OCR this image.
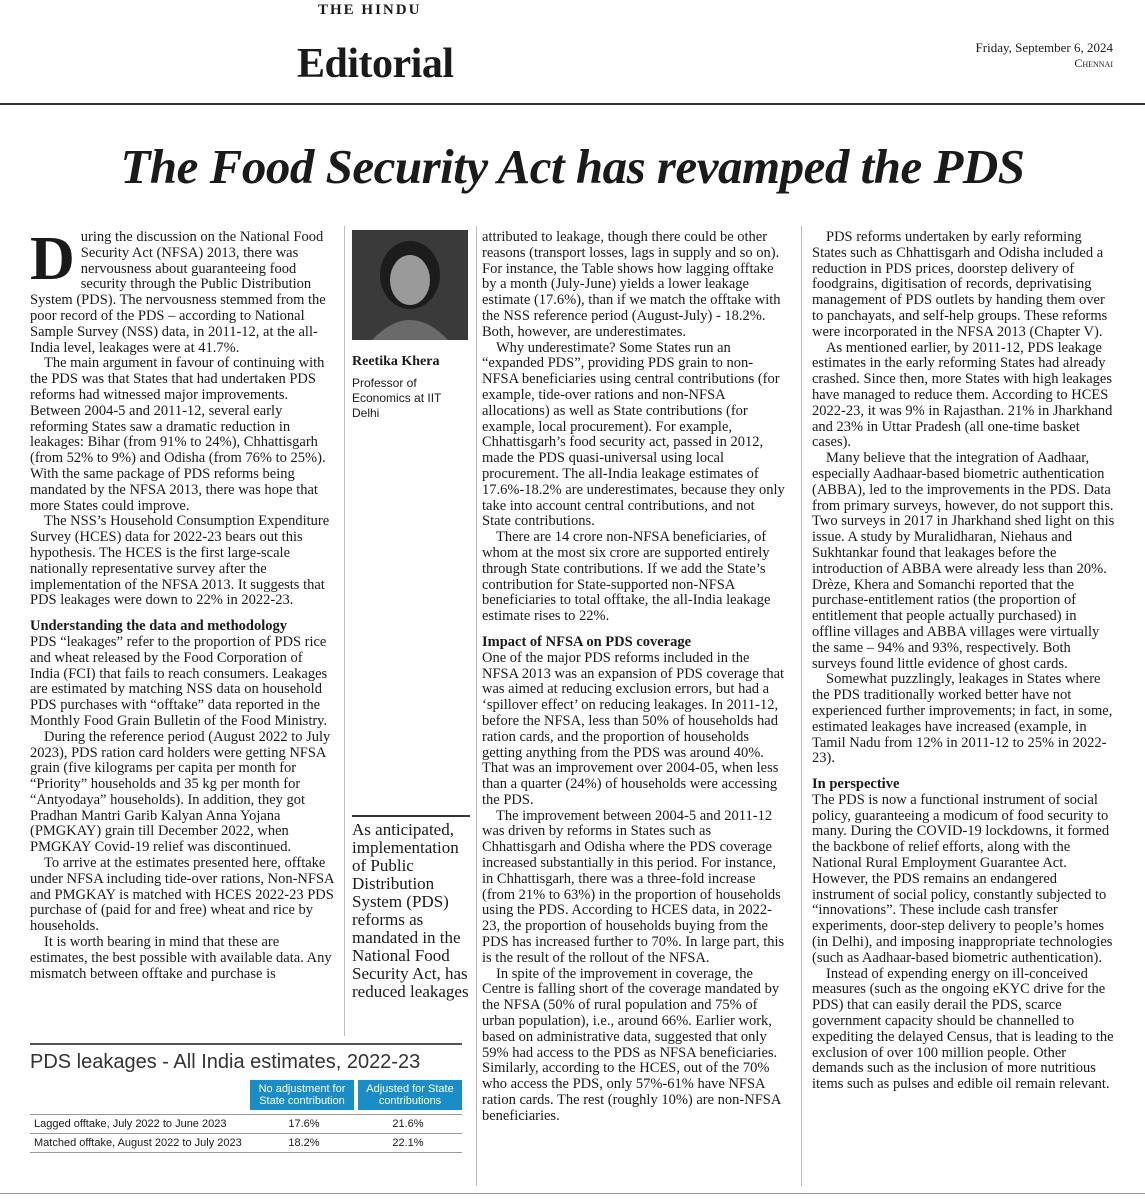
THE HINDU
Editorial	Friday, September 6, 2024
Chennai
The Food Security Act has revamped the PDS

During the discussion on the National Food Security Act (NFSA) 2013, there was nervousness about guaranteeing food security through the Public Distribution System (PDS). The nervousness stemmed from the poor record of the PDS – according to National Sample Survey (NSS) data, in 2011-12, at the all-India level, leakages were at 41.7%.

The main argument in favour of continuing with the PDS was that States that had undertaken PDS reforms had witnessed major improvements. Between 2004-5 and 2011-12, several early reforming States saw a dramatic reduction in leakages: Bihar (from 91% to 24%), Chhattisgarh (from 52% to 9%) and Odisha (from 76% to 25%). With the same package of PDS reforms being mandated by the NFSA 2013, there was hope that more States could improve.

The NSS’s Household Consumption Expenditure Survey (HCES) data for 2022-23 bears out this hypothesis. The HCES is the first large-scale nationally representative survey after the implementation of the NFSA 2013. It suggests that PDS leakages were down to 22% in 2022-23.

Understanding the data and methodology

PDS “leakages” refer to the proportion of PDS rice and wheat released by the Food Corporation of India (FCI) that fails to reach consumers. Leakages are estimated by matching NSS data on household PDS purchases with “offtake” data reported in the Monthly Food Grain Bulletin of the Food Ministry.

During the reference period (August 2022 to July 2023), PDS ration card holders were getting NFSA grain (five kilograms per capita per month for “Priority” households and 35 kg per month for “Antyodaya” households). In addition, they got Pradhan Mantri Garib Kalyan Anna Yojana (PMGKAY) grain till December 2022, when PMGKAY Covid-19 relief was discontinued.

To arrive at the estimates presented here, offtake under NFSA including tide-over rations, Non-NFSA and PMGKAY is matched with HCES 2022-23 PDS purchase of (paid for and free) wheat and rice by households.

It is worth bearing in mind that these are estimates, the best possible with available data. Any mismatch between offtake and purchase is

Reetika Khera
Professor of Economics at IIT Delhi
As anticipated, implementation of Public Distribution System (PDS) reforms as mandated in the National Food Security Act, has reduced leakages

attributed to leakage, though there could be other reasons (transport losses, lags in supply and so on). For instance, the Table shows how lagging offtake by a month (July-June) yields a lower leakage estimate (17.6%), than if we match the offtake with the NSS reference period (August-July) - 18.2%. Both, however, are underestimates.

Why underestimate? Some States run an “expanded PDS”, providing PDS grain to non-NFSA beneficiaries using central contributions (for example, tide-over rations and non-NFSA allocations) as well as State contributions (for example, local procurement). For example, Chhattisgarh’s food security act, passed in 2012, made the PDS quasi-universal using local procurement. The all-India leakage estimates of 17.6%-18.2% are underestimates, because they only take into account central contributions, and not State contributions.

There are 14 crore non-NFSA beneficiaries, of whom at the most six crore are supported entirely through State contributions. If we add the State’s contribution for State-supported non-NFSA beneficiaries to total offtake, the all-India leakage estimate rises to 22%.

Impact of NFSA on PDS coverage

One of the major PDS reforms included in the NFSA 2013 was an expansion of PDS coverage that was aimed at reducing exclusion errors, but had a ‘spillover effect’ on reducing leakages. In 2011-12, before the NFSA, less than 50% of households had ration cards, and the proportion of households getting anything from the PDS was around 40%. That was an improvement over 2004-05, when less than a quarter (24%) of households were accessing the PDS.

The improvement between 2004-5 and 2011-12 was driven by reforms in States such as Chhattisgarh and Odisha where the PDS coverage increased substantially in this period. For instance, in Chhattisgarh, there was a three-fold increase (from 21% to 63%) in the proportion of households using the PDS. According to HCES data, in 2022-23, the proportion of households buying from the PDS has increased further to 70%. In large part, this is the result of the rollout of the NFSA.

In spite of the improvement in coverage, the Centre is falling short of the coverage mandated by the NFSA (50% of rural population and 75% of urban population), i.e., around 66%. Earlier work, based on administrative data, suggested that only 59% had access to the PDS as NFSA beneficiaries. Similarly, according to the HCES, out of the 70% who access the PDS, only 57%-61% have NFSA ration cards. The rest (roughly 10%) are non-NFSA beneficiaries.

PDS reforms undertaken by early reforming States such as Chhattisgarh and Odisha included a reduction in PDS prices, doorstep delivery of foodgrains, digitisation of records, deprivatising management of PDS outlets by handing them over to panchayats, and self-help groups. These reforms were incorporated in the NFSA 2013 (Chapter V).

As mentioned earlier, by 2011-12, PDS leakage estimates in the early reforming States had already crashed. Since then, more States with high leakages have managed to reduce them. According to HCES 2022-23, it was 9% in Rajasthan. 21% in Jharkhand and 23% in Uttar Pradesh (all one-time basket cases).

Many believe that the integration of Aadhaar, especially Aadhaar-based biometric authentication (ABBA), led to the improvements in the PDS. Data from primary surveys, however, do not support this. Two surveys in 2017 in Jharkhand shed light on this issue. A study by Muralidharan, Niehaus and Sukhtankar found that leakages before the introduction of ABBA were already less than 20%. Drèze, Khera and Somanchi reported that the purchase-entitlement ratios (the proportion of entitlement that people actually purchased) in offline villages and ABBA villages were virtually the same – 94% and 93%, respectively. Both surveys found little evidence of ghost cards.

Somewhat puzzlingly, leakages in States where the PDS traditionally worked better have not experienced further improvements; in fact, in some, estimated leakages have increased (example, in Tamil Nadu from 12% in 2011-12 to 25% in 2022-23).

In perspective

The PDS is now a functional instrument of social policy, guaranteeing a modicum of food security to many. During the COVID-19 lockdowns, it formed the backbone of relief efforts, along with the National Rural Employment Guarantee Act. However, the PDS remains an endangered instrument of social policy, constantly subjected to “innovations”. These include cash transfer experiments, door-step delivery to people’s homes (in Delhi), and imposing inappropriate technologies (such as Aadhaar-based biometric authentication).

Instead of expending energy on ill-conceived measures (such as the ongoing eKYC drive for the PDS) that can easily derail the PDS, scarce government capacity should be channelled to expediting the delayed Census, that is leading to the exclusion of over 100 million people. Other demands such as the inclusion of more nutritious items such as pulses and edible oil remain relevant.

PDS leakages - All India estimates, 2022-23
No adjustment for State contribution
Adjusted for State contributions
Lagged offtake, July 2022 to June 2023	17.6%	21.6%
Matched offtake, August 2022 to July 2023	18.2%	22.1%
